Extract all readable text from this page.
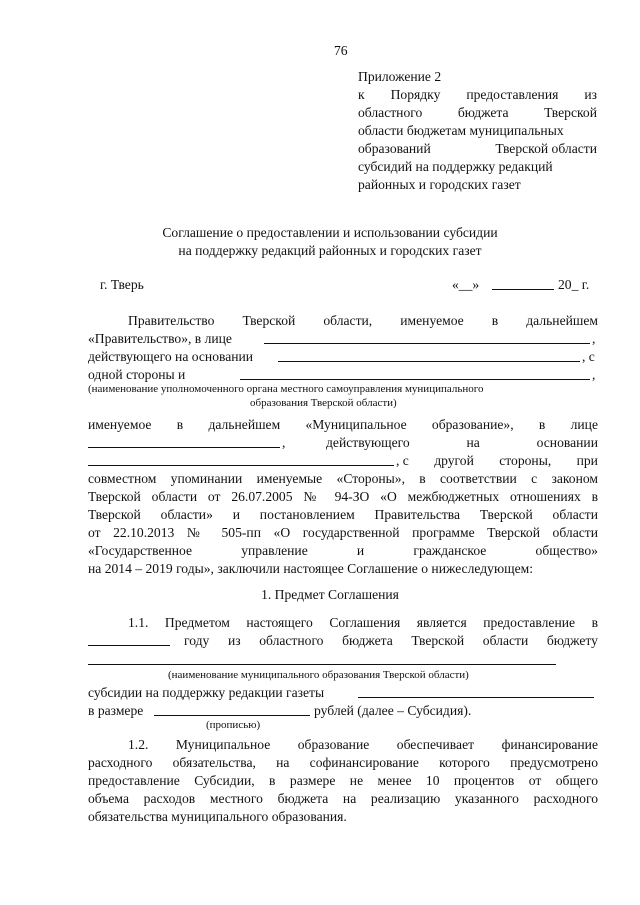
76
Приложение 2
к Порядку предоставления из
областного	бюджета	Тверской
области бюджетам муниципальных
образований	Тверской области
субсидий на поддержку редакций
районных и городских газет
Соглашение о предоставлении и использовании субсидии
на поддержку редакций районных и городских газет
г. Тверь	«__»	20_ г.
Правительство Тверской области, именуемое в дальнейшем
«Правительство», в лице	,
действующего на основании	, с
одной стороны и	,
(наименование уполномоченного органа местного самоуправления муниципального
образования Тверской области)
именуемое в дальнейшем «Муниципальное образование», в лице
,	действующего	на	основании
, с другой стороны, при
совместном упоминании именуемые «Стороны», в соответствии с законом
Тверской области от 26.07.2005 № 94-ЗО «О межбюджетных отношениях в
Тверской области» и постановлением Правительства Тверской области
от 22.10.2013 № 505-пп «О государственной программе Тверской области
«Государственное	управление	и	гражданское	общество»
на 2014 – 2019 годы», заключили настоящее Соглашение о нижеследующем:
1. Предмет Соглашения
1.1. Предметом настоящего Соглашения является предоставление в
году из областного бюджета Тверской области бюджету
(наименование муниципального образования Тверской области)
субсидии на поддержку редакции газеты
в размере	рублей (далее – Субсидия).
(прописью)
1.2. Муниципальное образование обеспечивает финансирование
расходного обязательства, на софинансирование которого предусмотрено
предоставление Субсидии, в размере не менее 10 процентов от общего
объема расходов местного бюджета на реализацию указанного расходного
обязательства муниципального образования.
